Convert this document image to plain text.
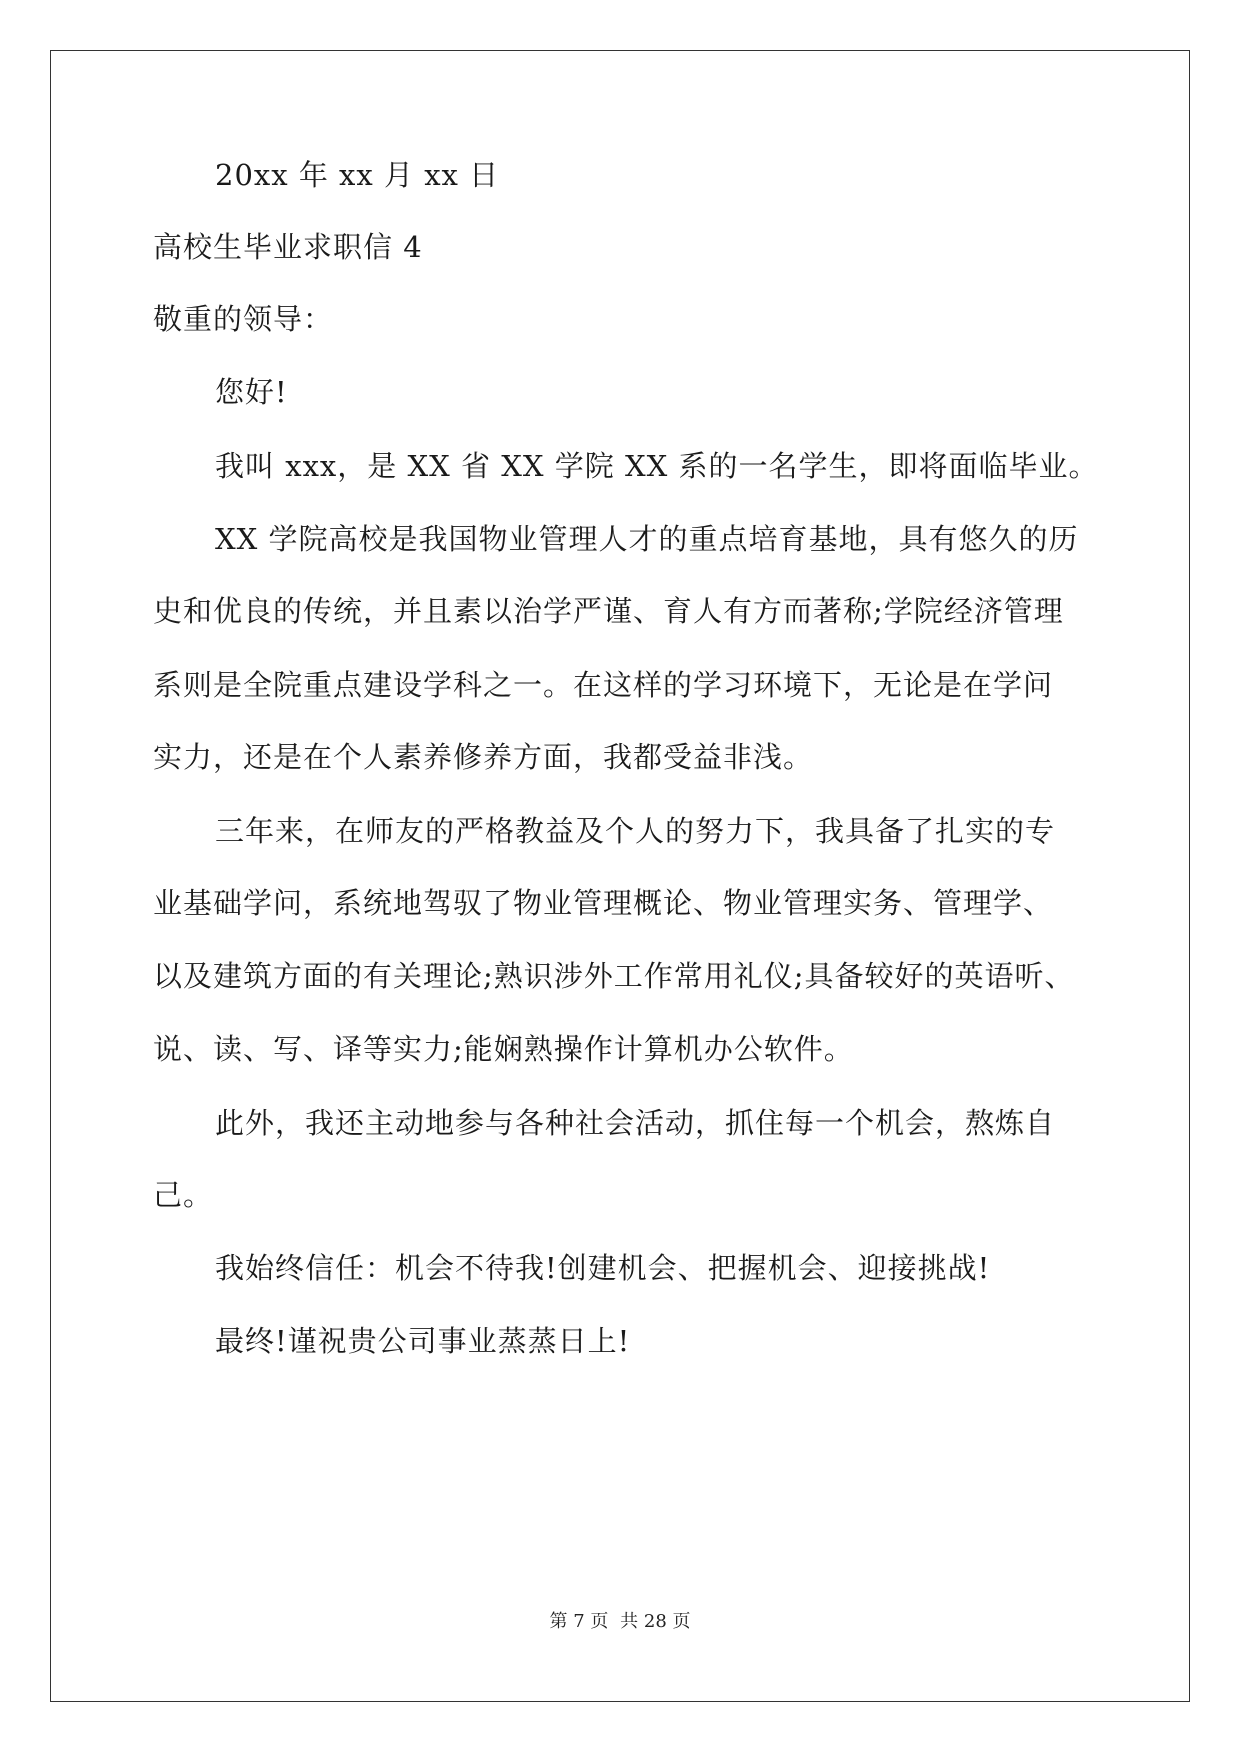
20xx 年 xx 月 xx 日
高校生毕业求职信 4
敬重的领导：
您好!
我叫 xxx，是 XX 省 XX 学院 XX 系的一名学生，即将面临毕业。
XX 学院高校是我国物业管理人才的重点培育基地，具有悠久的历
史和优良的传统，并且素以治学严谨、育人有方而著称;学院经济管理
系则是全院重点建设学科之一。在这样的学习环境下，无论是在学问
实力，还是在个人素养修养方面，我都受益非浅。
三年来，在师友的严格教益及个人的努力下，我具备了扎实的专
业基础学问，系统地驾驭了物业管理概论、物业管理实务、管理学、
以及建筑方面的有关理论;熟识涉外工作常用礼仪;具备较好的英语听、
说、读、写、译等实力;能娴熟操作计算机办公软件。
此外，我还主动地参与各种社会活动，抓住每一个机会，熬炼自
己。
我始终信任：机会不待我!创建机会、把握机会、迎接挑战!
最终!谨祝贵公司事业蒸蒸日上!
第 7 页 共 28 页
